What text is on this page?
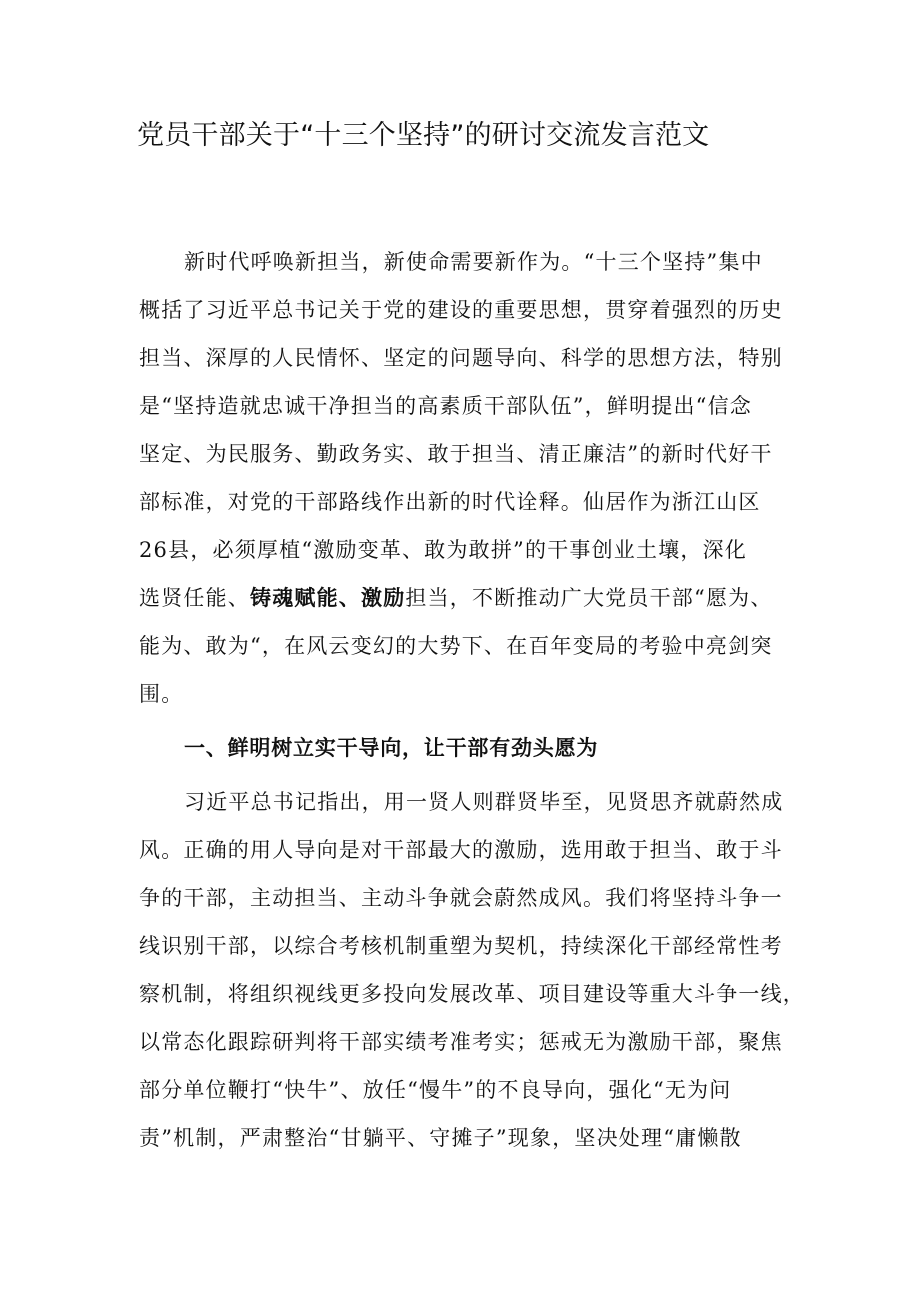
党员干部关于“十三个坚持”的研讨交流发言范文
新时代呼唤新担当，新使命需要新作为。“十三个坚持”集中
概括了习近平总书记关于党的建设的重要思想，贯穿着强烈的历史
担当、深厚的人民情怀、坚定的问题导向、科学的思想方法，特别
是“坚持造就忠诚干净担当的高素质干部队伍”，鲜明提出“信念
坚定、为民服务、勤政务实、敢于担当、清正廉洁”的新时代好干
部标准，对党的干部路线作出新的时代诠释。仙居作为浙江山区
26县，必须厚植“激励变革、敢为敢拼”的干事创业土壤，深化
选贤任能、铸魂赋能、激励担当，不断推动广大党员干部“愿为、
能为、敢为“，在风云变幻的大势下、在百年变局的考验中亮剑突
围。
一、鲜明树立实干导向，让干部有劲头愿为
习近平总书记指出，用一贤人则群贤毕至，见贤思齐就蔚然成
风。正确的用人导向是对干部最大的激励，选用敢于担当、敢于斗
争的干部，主动担当、主动斗争就会蔚然成风。我们将坚持斗争一
线识别干部，以综合考核机制重塑为契机，持续深化干部经常性考
察机制，将组织视线更多投向发展改革、项目建设等重大斗争一线，
以常态化跟踪研判将干部实绩考准考实；惩戒无为激励干部，聚焦
部分单位鞭打“快牛”、放任“慢牛”的不良导向，强化“无为问
责”机制，严肃整治“甘躺平、守摊子”现象，坚决处理“庸懒散
